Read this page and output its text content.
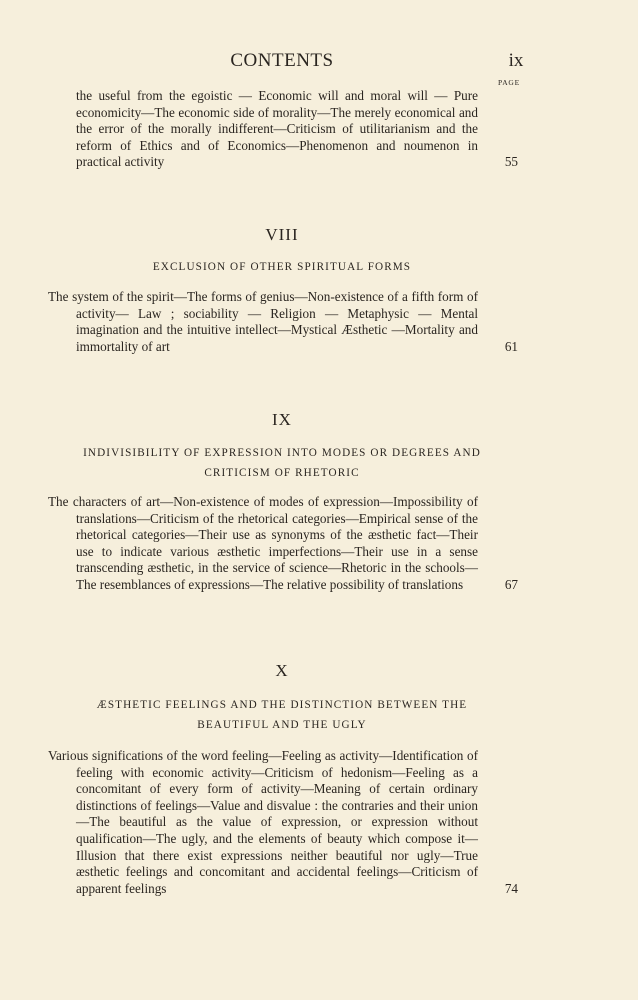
CONTENTS	ix
PAGE
the useful from the egoistic — Economic will and moral will — Pure economicity—The economic side of morality—The merely economical and the error of the morally indifferent—Criticism of utilitarianism and the reform of Ethics and of Economics—Phenomenon and noumenon in practical activity	55
VIII
EXCLUSION OF OTHER SPIRITUAL FORMS
The system of the spirit—The forms of genius—Non-existence of a fifth form of activity— Law ; sociability — Religion — Metaphysic — Mental imagination and the intuitive intellect—Mystical Æsthetic —Mortality and immortality of art	61
IX
INDIVISIBILITY OF EXPRESSION INTO MODES OR DEGREES AND CRITICISM OF RHETORIC
The characters of art—Non-existence of modes of expression—Impossibility of translations—Criticism of the rhetorical categories—Empirical sense of the rhetorical categories—Their use as synonyms of the æsthetic fact—Their use to indicate various æsthetic imperfections—Their use in a sense transcending æsthetic, in the service of science—Rhetoric in the schools—The resemblances of expressions—The relative possibility of translations	67
X
ÆSTHETIC FEELINGS AND THE DISTINCTION BETWEEN THE BEAUTIFUL AND THE UGLY
Various significations of the word feeling—Feeling as activity—Identification of feeling with economic activity—Criticism of hedonism—Feeling as a concomitant of every form of activity—Meaning of certain ordinary distinctions of feelings—Value and disvalue : the contraries and their union—The beautiful as the value of expression, or expression without qualification—The ugly, and the elements of beauty which compose it—Illusion that there exist expressions neither beautiful nor ugly—True æsthetic feelings and concomitant and accidental feelings—Criticism of apparent feelings	74
